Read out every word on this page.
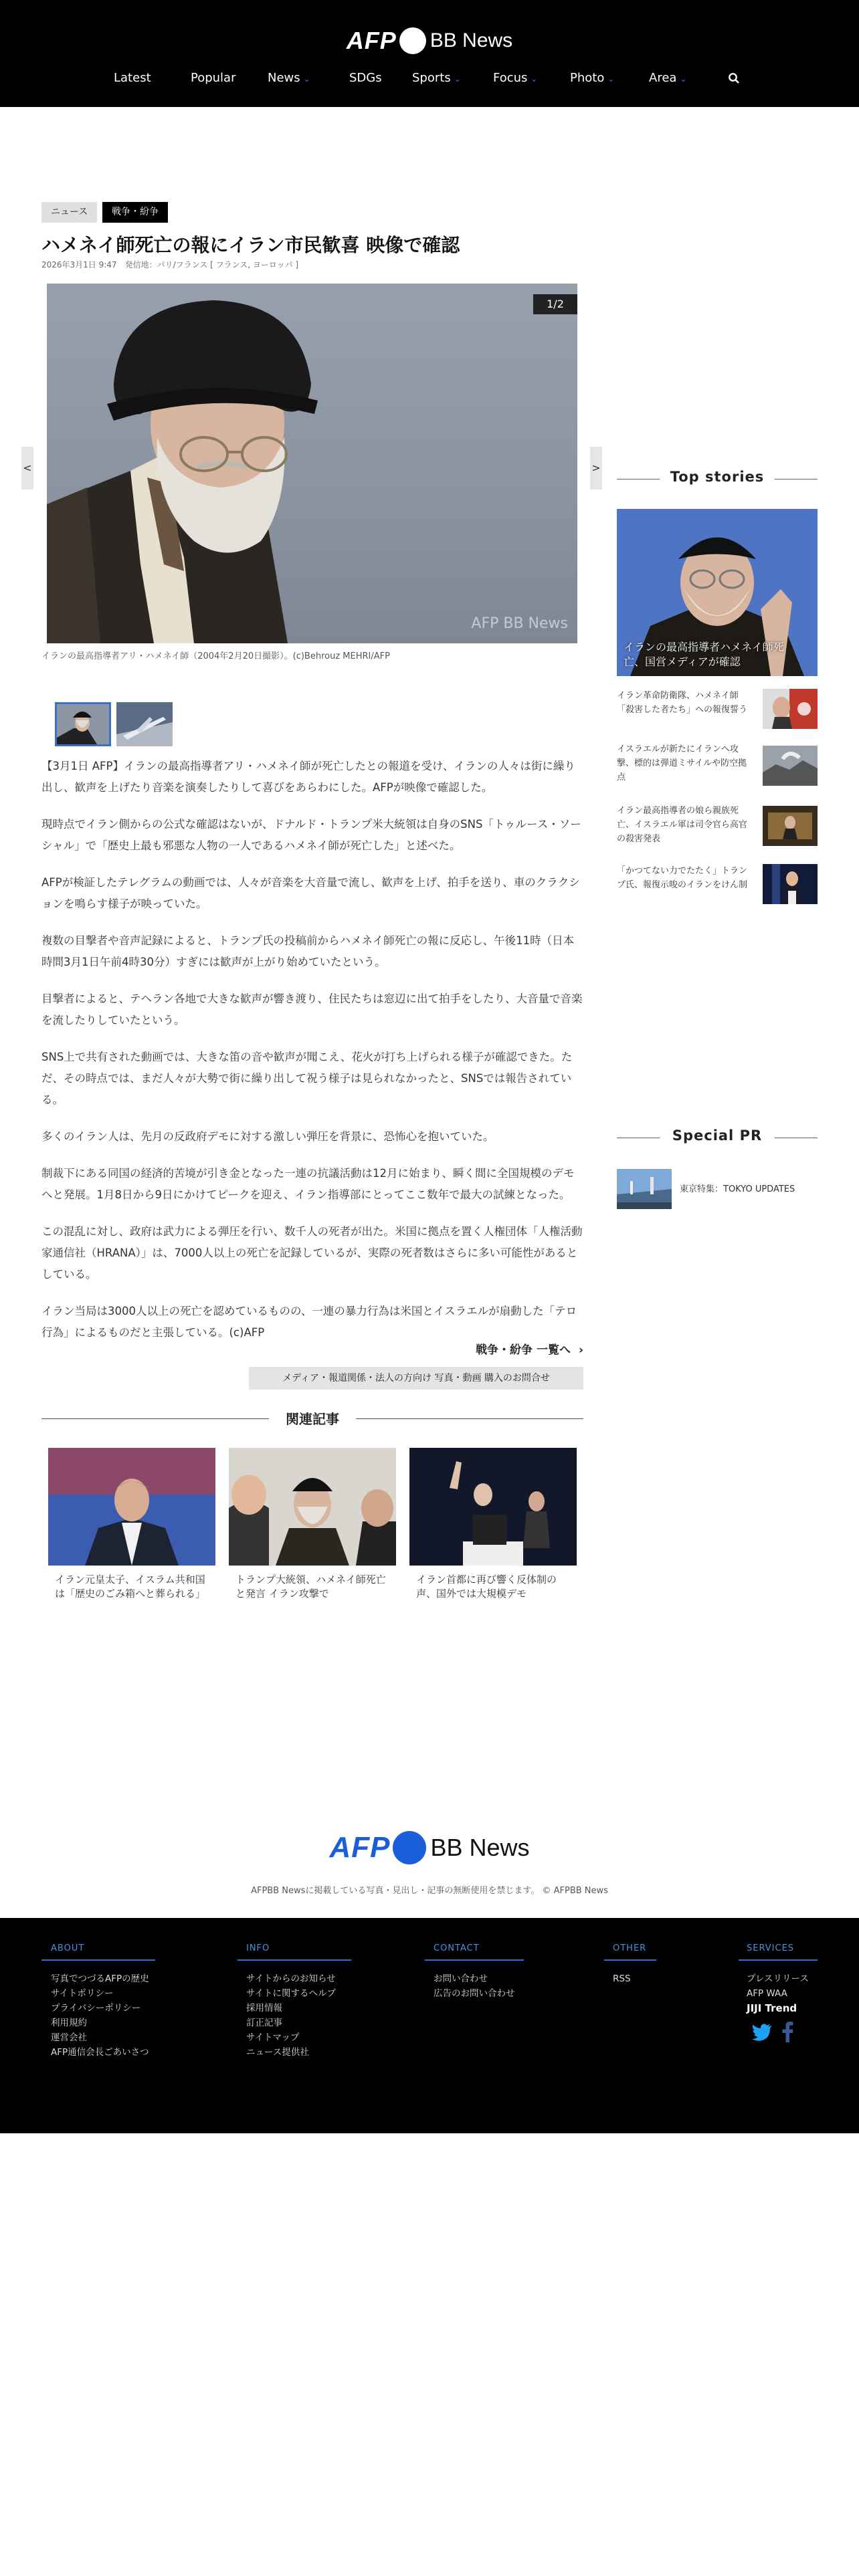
AFP BB News
Latest	Popular	News ⌄	SDGs	Sports ⌄	Focus ⌄	Photo ⌄	Area ⌄
ニュース	戦争・紛争
ハメネイ師死亡の報にイラン市民歓喜 映像で確認
2026年3月1日 9:47　発信地：パリ/フランス [ フランス, ヨーロッパ ]
<	>
1/2
AFP BB News
イランの最高指導者アリ・ハメネイ師（2004年2月20日撮影）。(c)Behrouz MEHRI/AFP

【3月1日 AFP】イランの最高指導者アリ・ハメネイ師が死亡したとの報道を受け、イランの人々は街に繰り出し、歓声を上げたり音楽を演奏したりして喜びをあらわにした。AFPが映像で確認した。

現時点でイラン側からの公式な確認はないが、ドナルド・トランプ米大統領は自身のSNS「トゥルース・ソーシャル」で「歴史上最も邪悪な人物の一人であるハメネイ師が死亡した」と述べた。

AFPが検証したテレグラムの動画では、人々が音楽を大音量で流し、歓声を上げ、拍手を送り、車のクラクションを鳴らす様子が映っていた。

複数の目撃者や音声記録によると、トランプ氏の投稿前からハメネイ師死亡の報に反応し、午後11時（日本時間3月1日午前4時30分）すぎには歓声が上がり始めていたという。

目撃者によると、テヘラン各地で大きな歓声が響き渡り、住民たちは窓辺に出て拍手をしたり、大音量で音楽を流したりしていたという。

SNS上で共有された動画では、大きな笛の音や歓声が聞こえ、花火が打ち上げられる様子が確認できた。ただ、その時点では、まだ人々が大勢で街に繰り出して祝う様子は見られなかったと、SNSでは報告されている。

多くのイラン人は、先月の反政府デモに対する激しい弾圧を背景に、恐怖心を抱いていた。

制裁下にある同国の経済的苦境が引き金となった一連の抗議活動は12月に始まり、瞬く間に全国規模のデモへと発展。1月8日から9日にかけてピークを迎え、イラン指導部にとってここ数年で最大の試練となった。

この混乱に対し、政府は武力による弾圧を行い、数千人の死者が出た。米国に拠点を置く人権団体「人権活動家通信社（HRANA）」は、7000人以上の死亡を記録しているが、実際の死者数はさらに多い可能性があるとしている。

イラン当局は3000人以上の死亡を認めているものの、一連の暴力行為は米国とイスラエルが扇動した「テロ行為」によるものだと主張している。(c)AFP

戦争・紛争 一覧へ ›
メディア・報道関係・法人の方向け 写真・動画 購入のお問合せ
関連記事
イラン元皇太子、イスラム共和国は「歴史のごみ箱へと葬られる」
トランプ大統領、ハメネイ師死亡と発言 イラン攻撃で
イラン首都に再び響く反体制の声、国外では大規模デモ
Top stories
イランの最高指導者ハメネイ師死亡、国営メディアが確認
イラン革命防衛隊、ハメネイ師「殺害した者たち」への報復誓う
イスラエルが新たにイランへ攻撃、標的は弾道ミサイルや防空拠点
イラン最高指導者の娘ら親族死亡、イスラエル軍は司令官ら高官の殺害発表
「かつてない力でたたく」トランプ氏、報復示唆のイランをけん制
Special PR
東京特集：TOKYO UPDATES
AFP BB News
AFPBB Newsに掲載している写真・見出し・記事の無断使用を禁じます。 © AFPBB News
ABOUT
写真でつづるAFPの歴史
サイトポリシー
プライバシーポリシー
利用規約
運営会社
AFP通信会長ごあいさつ
INFO
サイトからのお知らせ
サイトに関するヘルプ
採用情報
訂正記事
サイトマップ
ニュース提供社
CONTACT
お問い合わせ
広告のお問い合わせ
OTHER
RSS
SERVICES
プレスリリース
AFP WAA
JIJI Trend
